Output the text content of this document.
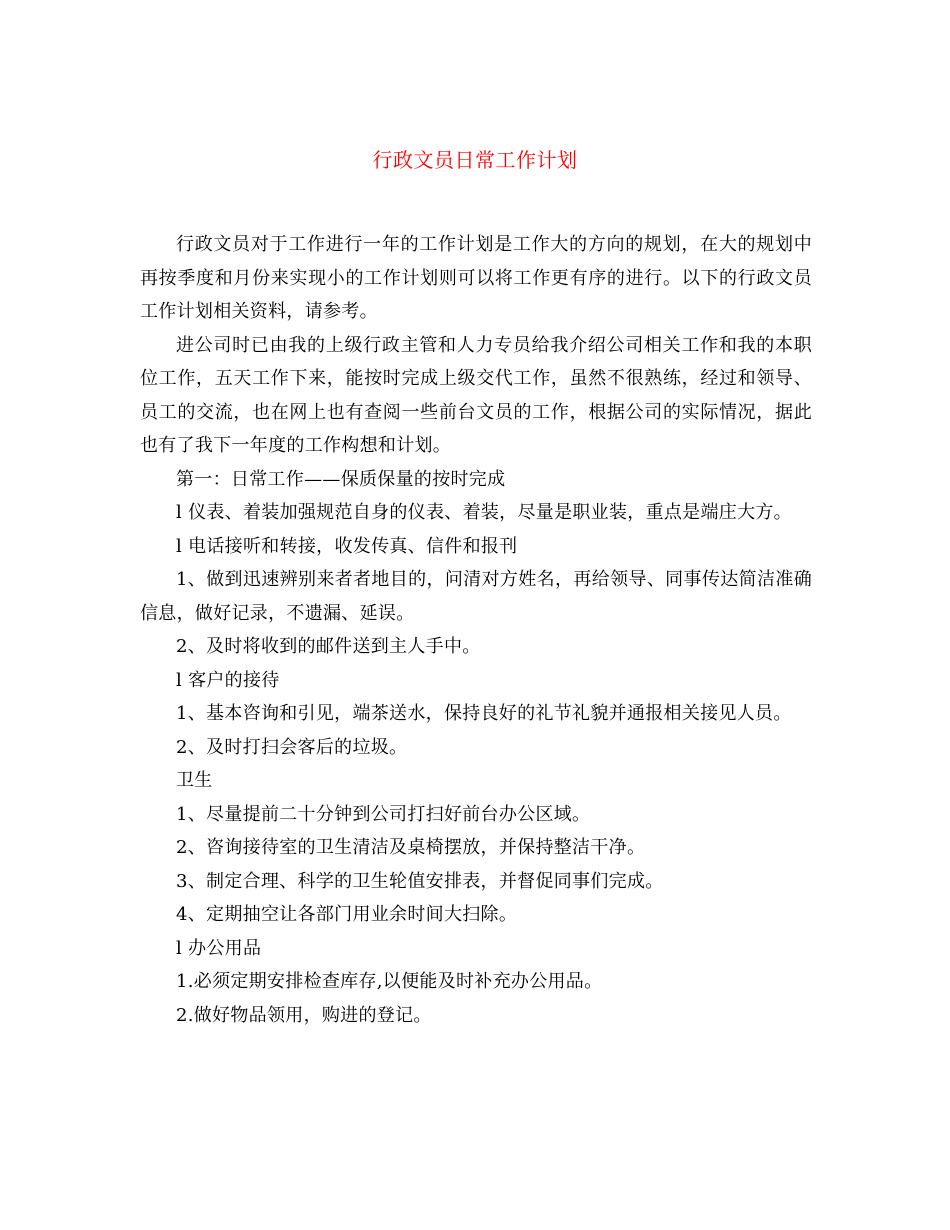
行政文员日常工作计划

行政文员对于工作进行一年的工作计划是工作大的方向的规划，在大的规划中再按季度和月份来实现小的工作计划则可以将工作更有序的进行。以下的行政文员工作计划相关资料，请参考。

进公司时已由我的上级行政主管和人力专员给我介绍公司相关工作和我的本职位工作，五天工作下来，能按时完成上级交代工作，虽然不很熟练，经过和领导、员工的交流，也在网上也有查阅一些前台文员的工作，根据公司的实际情况，据此也有了我下一年度的工作构想和计划。

第一：日常工作——保质保量的按时完成

l 仪表、着装加强规范自身的仪表、着装，尽量是职业装，重点是端庄大方。

l 电话接听和转接，收发传真、信件和报刊

1、做到迅速辨别来者者地目的，问清对方姓名，再给领导、同事传达简洁准确信息，做好记录，不遗漏、延误。

2、及时将收到的邮件送到主人手中。

l 客户的接待

1、基本咨询和引见，端茶送水，保持良好的礼节礼貌并通报相关接见人员。

2、及时打扫会客后的垃圾。

卫生

1、尽量提前二十分钟到公司打扫好前台办公区域。

2、咨询接待室的卫生清洁及桌椅摆放，并保持整洁干净。

3、制定合理、科学的卫生轮值安排表，并督促同事们完成。

4、定期抽空让各部门用业余时间大扫除。

l 办公用品

1.必须定期安排检查库存,以便能及时补充办公用品。

2.做好物品领用，购进的登记。
